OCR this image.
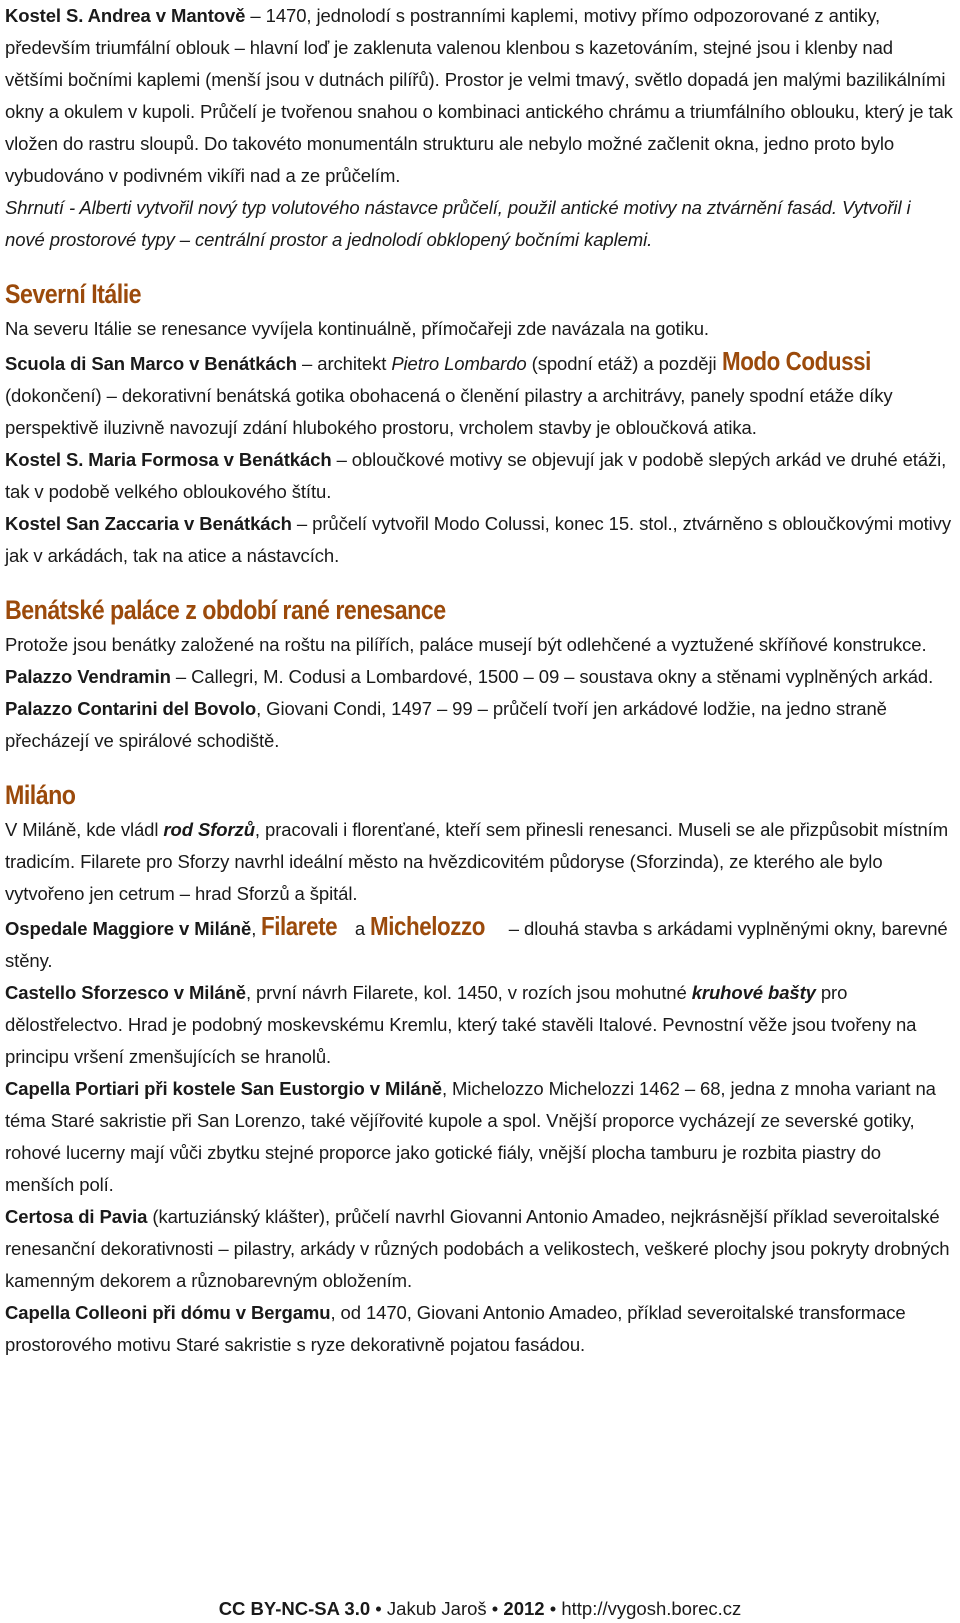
Kostel S. Andrea v Mantově – 1470, jednolodí s postranními kaplemi, motivy přímo odpozorované z antiky, především triumfální oblouk – hlavní loď je zaklenuta valenou klenbou s kazetováním, stejné jsou i klenby nad většími bočními kaplemi (menší jsou v dutnách pilířů). Prostor je velmi tmavý, světlo dopadá jen malými bazilikálními okny a okulem v kupoli. Průčelí je tvořenou snahou o kombinaci antického chrámu a triumfálního oblouku, který je tak vložen do rastru sloupů. Do takovéto monumentáln strukturu ale nebylo možné začlenit okna, jedno proto bylo vybudováno v podivném vikíři nad a ze průčelím.

Shrnutí - Alberti vytvořil nový typ volutového nástavce průčelí, použil antické motivy na ztvárnění fasád. Vytvořil i nové prostorové typy – centrální prostor a jednolodí obklopený bočními kaplemi.

Severní Itálie

Na severu Itálie se renesance vyvíjela kontinuálně, přímočařeji zde navázala na gotiku.

Scuola di San Marco v Benátkách – architekt Pietro Lombardo (spodní etáž) a později Modo Codussi (dokončení) – dekorativní benátská gotika obohacená o členění pilastry a architrávy, panely spodní etáže díky perspektivě iluzivně navozují zdání hlubokého prostoru, vrcholem stavby je obloučková atika.

Kostel S. Maria Formosa v Benátkách – obloučkové motivy se objevují jak v podobě slepých arkád ve druhé etáži, tak v podobě velkého obloukového štítu.

Kostel San Zaccaria v Benátkách – průčelí vytvořil Modo Colussi, konec 15. stol., ztvárněno s obloučkovými motivy jak v arkádách, tak na atice a nástavcích.

Benátské paláce z období rané renesance

Protože jsou benátky založené na roštu na pilířích, paláce musejí být odlehčené a vyztužené skříňové konstrukce.

Palazzo Vendramin – Callegri, M. Codusi a Lombardové, 1500 – 09 – soustava okny a stěnami vyplněných arkád.

Palazzo Contarini del Bovolo, Giovani Condi, 1497 – 99 – průčelí tvoří jen arkádové lodžie, na jedno straně přecházejí ve spirálové schodiště.

Miláno

V Miláně, kde vládl rod Sforzů, pracovali i florenťané, kteří sem přinesli renesanci. Museli se ale přizpůsobit místním tradicím. Filarete pro Sforzy navrhl ideální město na hvězdicovitém půdoryse (Sforzinda), ze kterého ale bylo vytvořeno jen cetrum – hrad Sforzů a špitál.

Ospedale Maggiore v Miláně, Filarete a Michelozzo – dlouhá stavba s arkádami vyplněnými okny, barevné stěny.

Castello Sforzesco v Miláně, první návrh Filarete, kol. 1450, v rozích jsou mohutné kruhové bašty pro dělostřelectvo. Hrad je podobný moskevskému Kremlu, který také stavěli Italové. Pevnostní věže jsou tvořeny na principu vršení zmenšujících se hranolů.

Capella Portiari při kostele San Eustorgio v Miláně, Michelozzo Michelozzi 1462 – 68, jedna z mnoha variant na téma Staré sakristie při San Lorenzo, také vějířovité kupole a spol. Vnější proporce vycházejí ze severské gotiky, rohové lucerny mají vůči zbytku stejné proporce jako gotické fiály, vnější plocha tamburu je rozbita piastry do menších polí.

Certosa di Pavia (kartuziánský klášter), průčelí navrhl Giovanni Antonio Amadeo, nejkrásnější příklad severoitalské renesanční dekorativnosti – pilastry, arkády v různých podobách a velikostech, veškeré plochy jsou pokryty drobných kamenným dekorem a různobarevným obložením.

Capella Colleoni při dómu v Bergamu, od 1470, Giovani Antonio Amadeo, příklad severoitalské transformace prostorového motivu Staré sakristie s ryze dekorativně pojatou fasádou.

CC BY-NC-SA 3.0 • Jakub Jaroš • 2012 • http://vygosh.borec.cz
